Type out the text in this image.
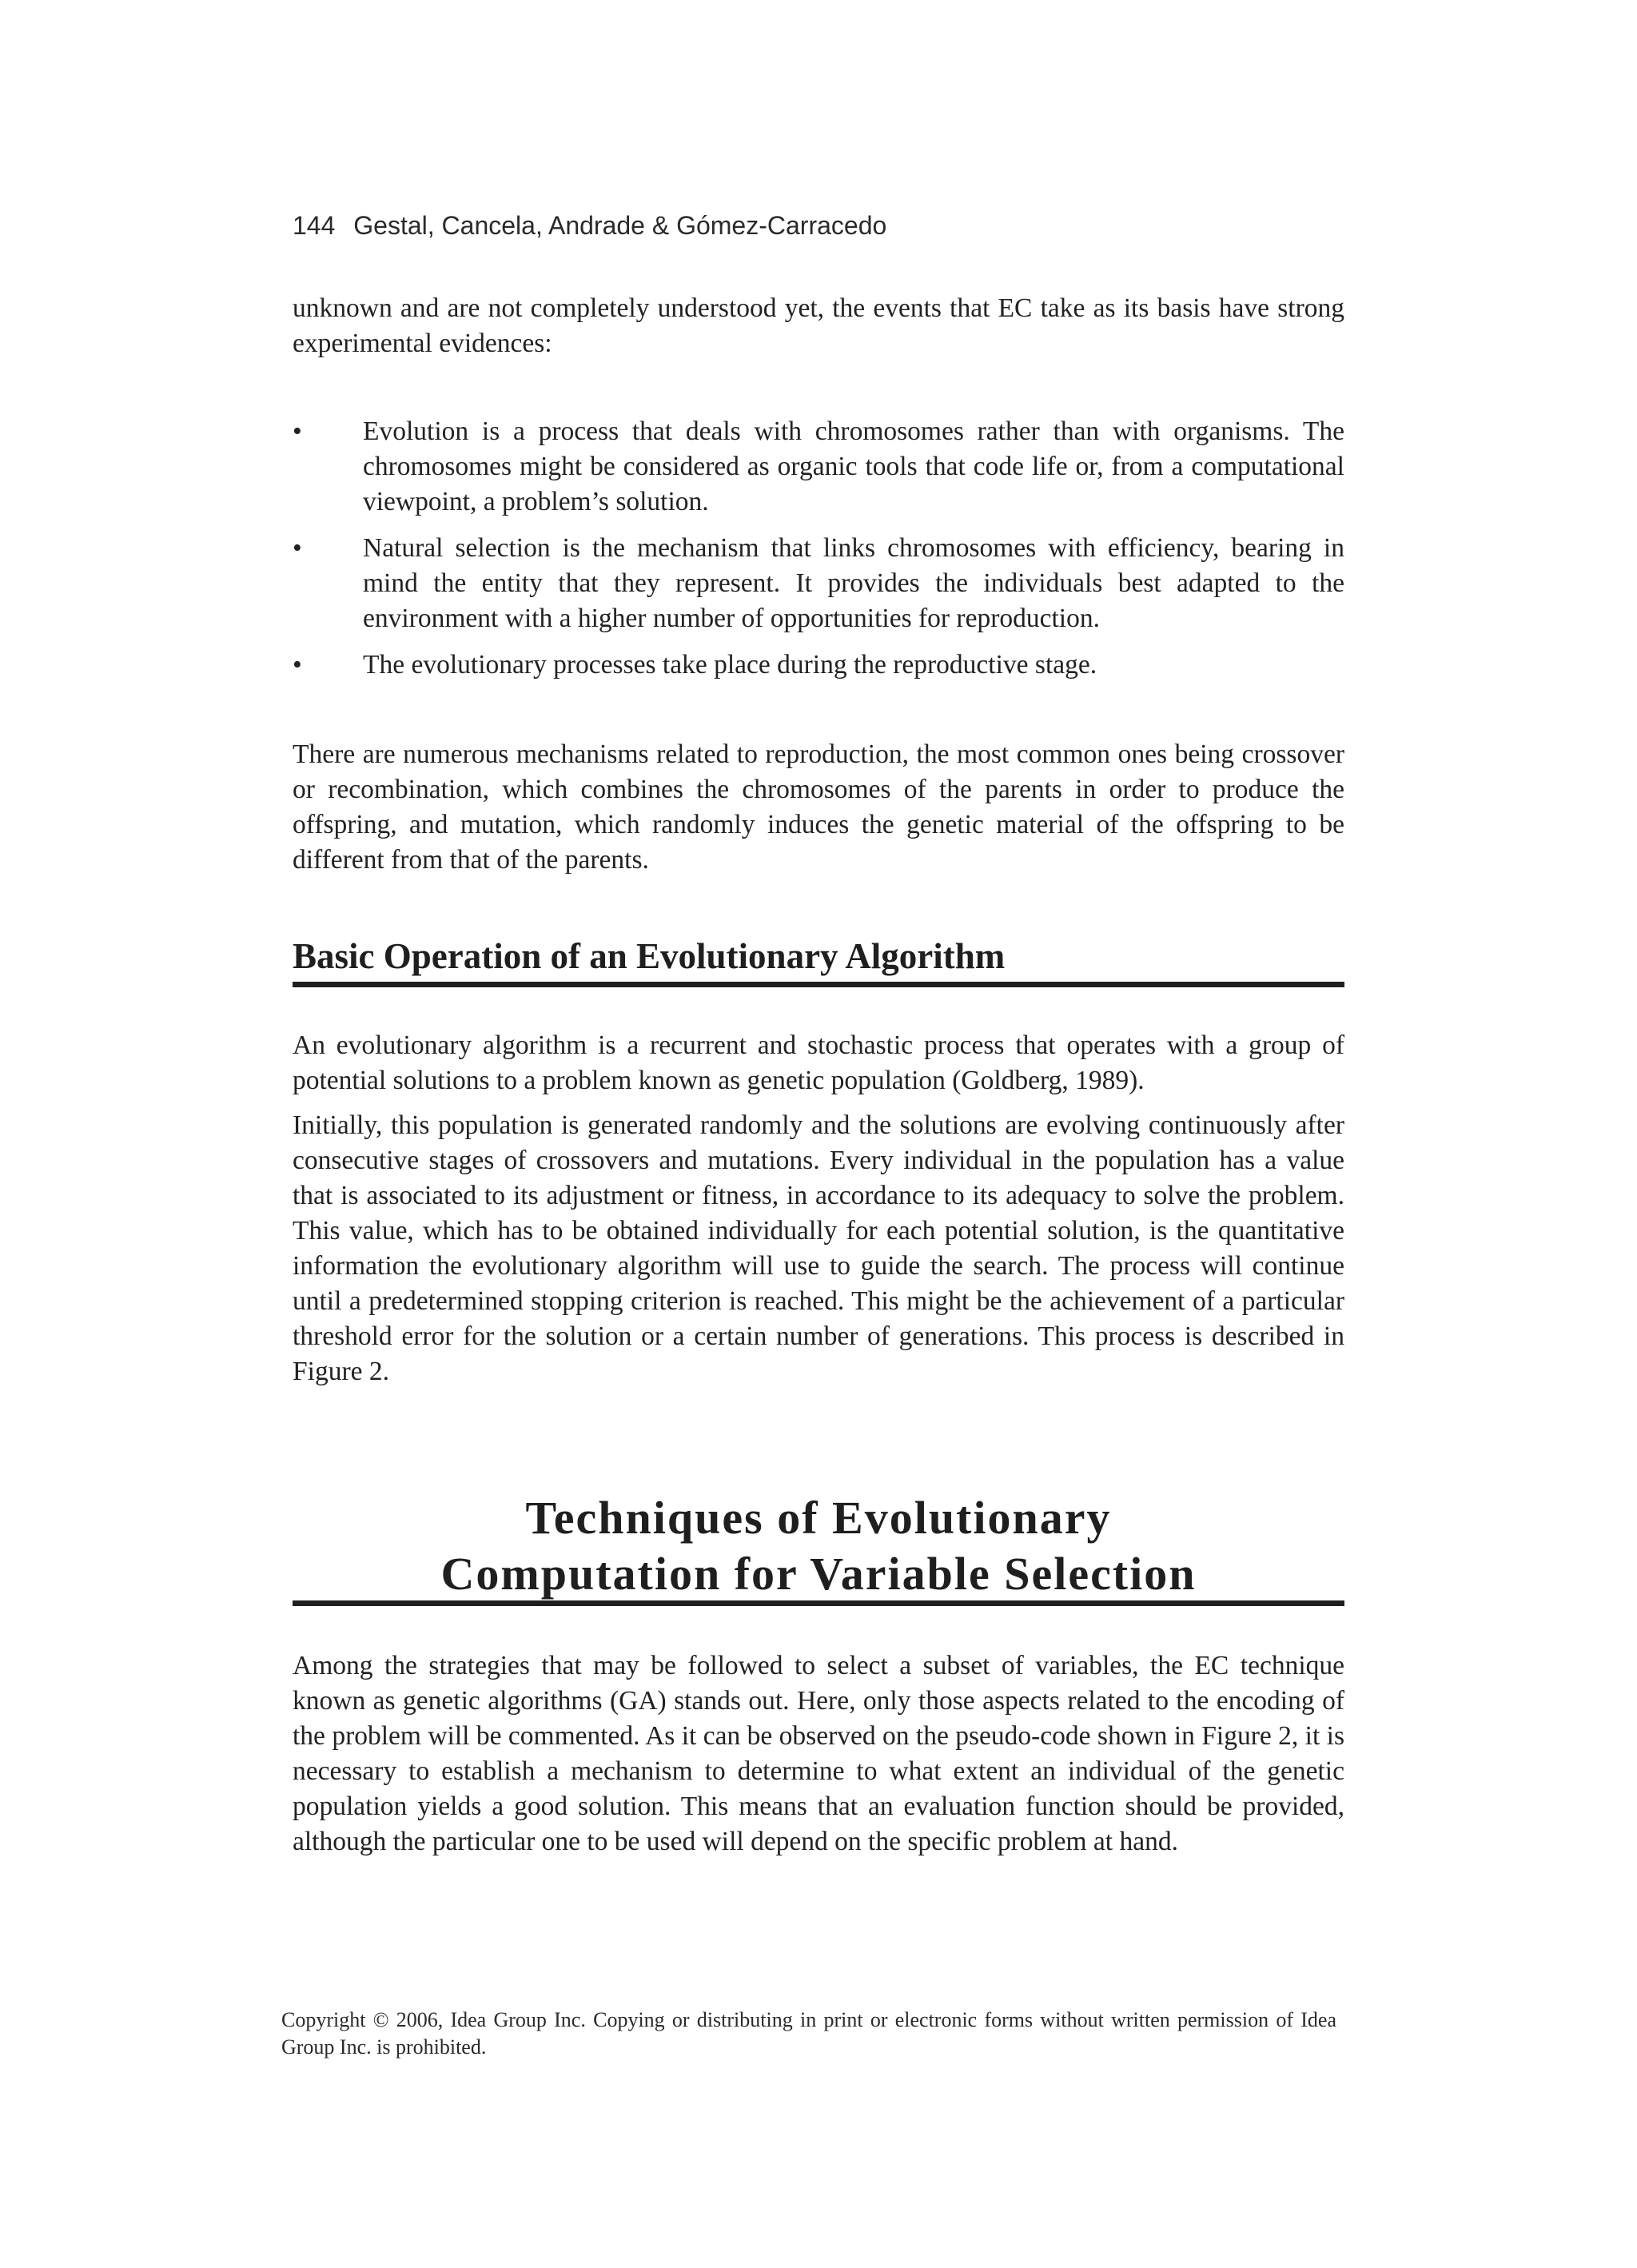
144 Gestal, Cancela, Andrade & Gómez-Carracedo

unknown and are not completely understood yet, the events that EC take as its basis have strong experimental evidences:

•	Evolution is a process that deals with chromosomes rather than with organisms. The chromosomes might be considered as organic tools that code life or, from a computational viewpoint, a problem’s solution.
•	Natural selection is the mechanism that links chromosomes with efficiency, bearing in mind the entity that they represent. It provides the individuals best adapted to the environment with a higher number of opportunities for reproduction.
•	The evolutionary processes take place during the reproductive stage.

There are numerous mechanisms related to reproduction, the most common ones being crossover or recombination, which combines the chromosomes of the parents in order to produce the offspring, and mutation, which randomly induces the genetic material of the offspring to be different from that of the parents.

Basic Operation of an Evolutionary Algorithm

An evolutionary algorithm is a recurrent and stochastic process that operates with a group of potential solutions to a problem known as genetic population (Goldberg, 1989).

Initially, this population is generated randomly and the solutions are evolving continuously after consecutive stages of crossovers and mutations. Every individual in the population has a value that is associated to its adjustment or fitness, in accordance to its adequacy to solve the problem. This value, which has to be obtained individually for each potential solution, is the quantitative information the evolutionary algorithm will use to guide the search. The process will continue until a predetermined stopping criterion is reached. This might be the achievement of a particular threshold error for the solution or a certain number of generations. This process is described in Figure 2.

Techniques of Evolutionary
Computation for Variable Selection

Among the strategies that may be followed to select a subset of variables, the EC technique known as genetic algorithms (GA) stands out. Here, only those aspects related to the encoding of the problem will be commented. As it can be observed on the pseudo-code shown in Figure 2, it is necessary to establish a mechanism to determine to what extent an individual of the genetic population yields a good solution. This means that an evaluation function should be provided, although the particular one to be used will depend on the specific problem at hand.

Copyright © 2006, Idea Group Inc. Copying or distributing in print or electronic forms without written permission of Idea Group Inc. is prohibited.
